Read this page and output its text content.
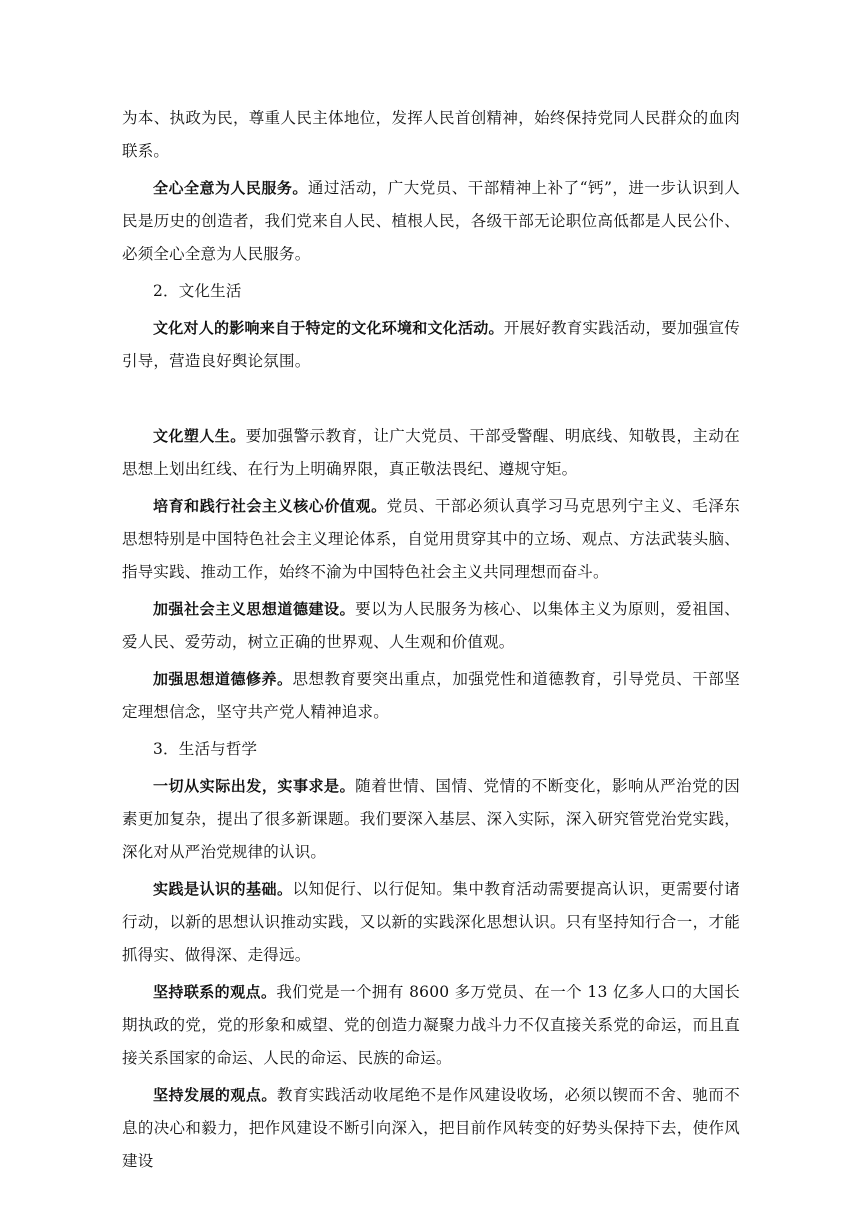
为本、执政为民，尊重人民主体地位，发挥人民首创精神，始终保持党同人民群众的血肉联系。

全心全意为人民服务。通过活动，广大党员、干部精神上补了“钙”，进一步认识到人民是历史的创造者，我们党来自人民、植根人民，各级干部无论职位高低都是人民公仆、必须全心全意为人民服务。

2．文化生活

文化对人的影响来自于特定的文化环境和文化活动。开展好教育实践活动，要加强宣传引导，营造良好舆论氛围。

文化塑人生。要加强警示教育，让广大党员、干部受警醒、明底线、知敬畏，主动在思想上划出红线、在行为上明确界限，真正敬法畏纪、遵规守矩。

培育和践行社会主义核心价值观。党员、干部必须认真学习马克思列宁主义、毛泽东思想特别是中国特色社会主义理论体系，自觉用贯穿其中的立场、观点、方法武装头脑、指导实践、推动工作，始终不渝为中国特色社会主义共同理想而奋斗。

加强社会主义思想道德建设。要以为人民服务为核心、以集体主义为原则，爱祖国、爱人民、爱劳动，树立正确的世界观、人生观和价值观。

加强思想道德修养。思想教育要突出重点，加强党性和道德教育，引导党员、干部坚定理想信念，坚守共产党人精神追求。

3．生活与哲学

一切从实际出发，实事求是。随着世情、国情、党情的不断变化，影响从严治党的因素更加复杂，提出了很多新课题。我们要深入基层、深入实际，深入研究管党治党实践，深化对从严治党规律的认识。

实践是认识的基础。以知促行、以行促知。集中教育活动需要提高认识，更需要付诸行动，以新的思想认识推动实践，又以新的实践深化思想认识。只有坚持知行合一，才能抓得实、做得深、走得远。

坚持联系的观点。我们党是一个拥有 8600 多万党员、在一个 13 亿多人口的大国长期执政的党，党的形象和威望、党的创造力凝聚力战斗力不仅直接关系党的命运，而且直接关系国家的命运、人民的命运、民族的命运。

坚持发展的观点。教育实践活动收尾绝不是作风建设收场，必须以锲而不舍、驰而不息的决心和毅力，把作风建设不断引向深入，把目前作风转变的好势头保持下去，使作风建设
